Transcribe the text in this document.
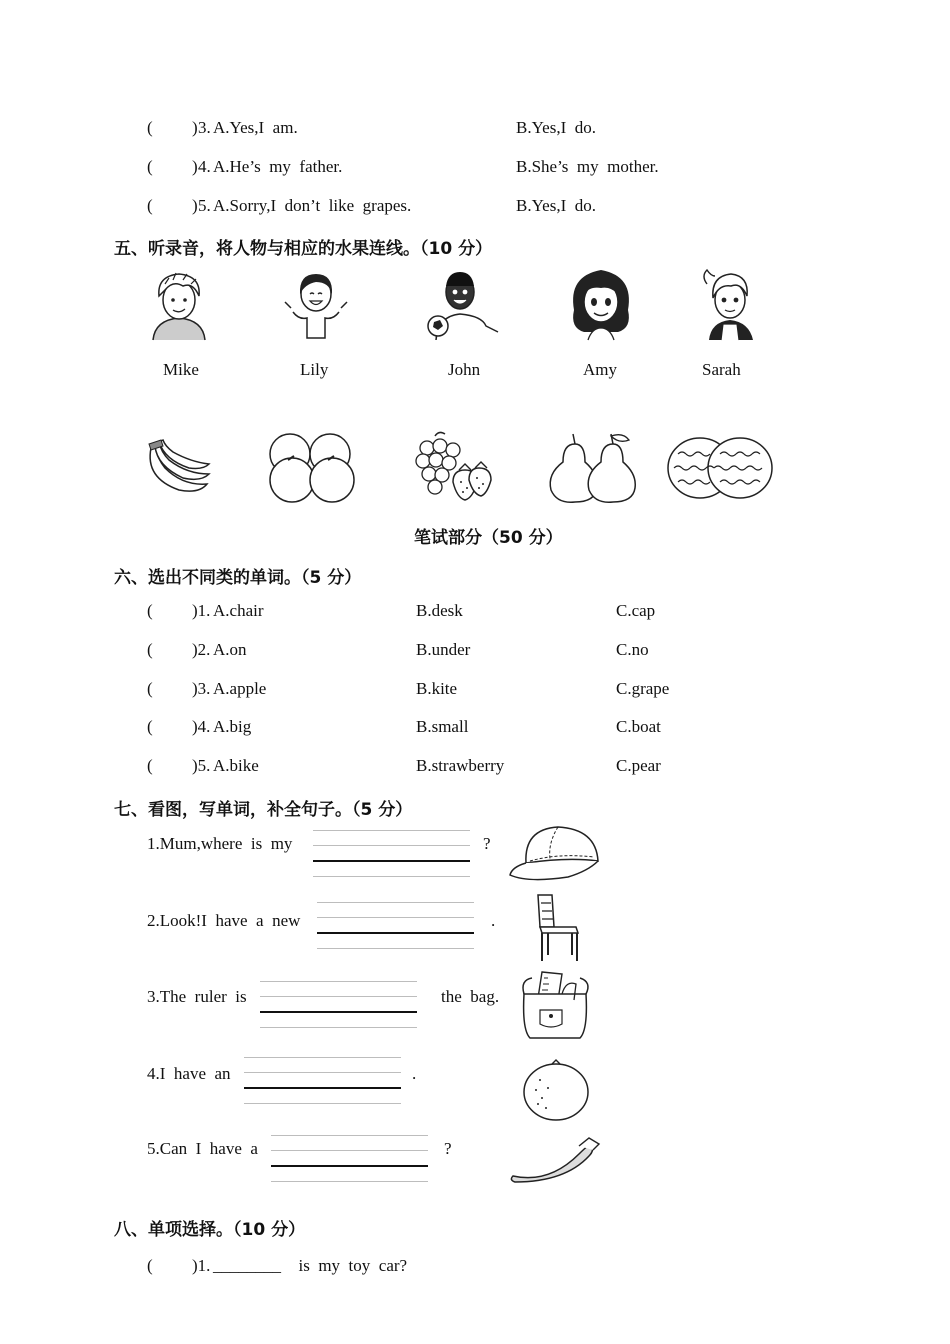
( ) 3. A.Yes,I  am.	B.Yes,I  do.
( ) 4. A.He’s  my  father.	B.She’s  my  mother.
( ) 5. A.Sorry,I  don’t  like  grapes.	B.Yes,I  do.
五、听录音，将人物与相应的水果连线。（10 分）
Mike	Lily	John	Amy	Sarah
笔试部分（50 分）
六、选出不同类的单词。（5 分）
( )1. A.chair	B.desk	C.cap
( )2. A.on	B.under	C.no
( )3. A.apple	B.kite	C.grape
( )4. A.big	B.small	C.boat
( )5. A.bike	B.strawberry	C.pear
七、看图，写单词，补全句子。（5 分）
1.Mum,where  is  my	?
2.Look!I  have  a  new	.
3.The  ruler  is	the  bag.
4.I  have  an	.
5.Can  I  have  a	?
八、单项选择。（10 分）
( )1. ________ is  my  toy  car?
